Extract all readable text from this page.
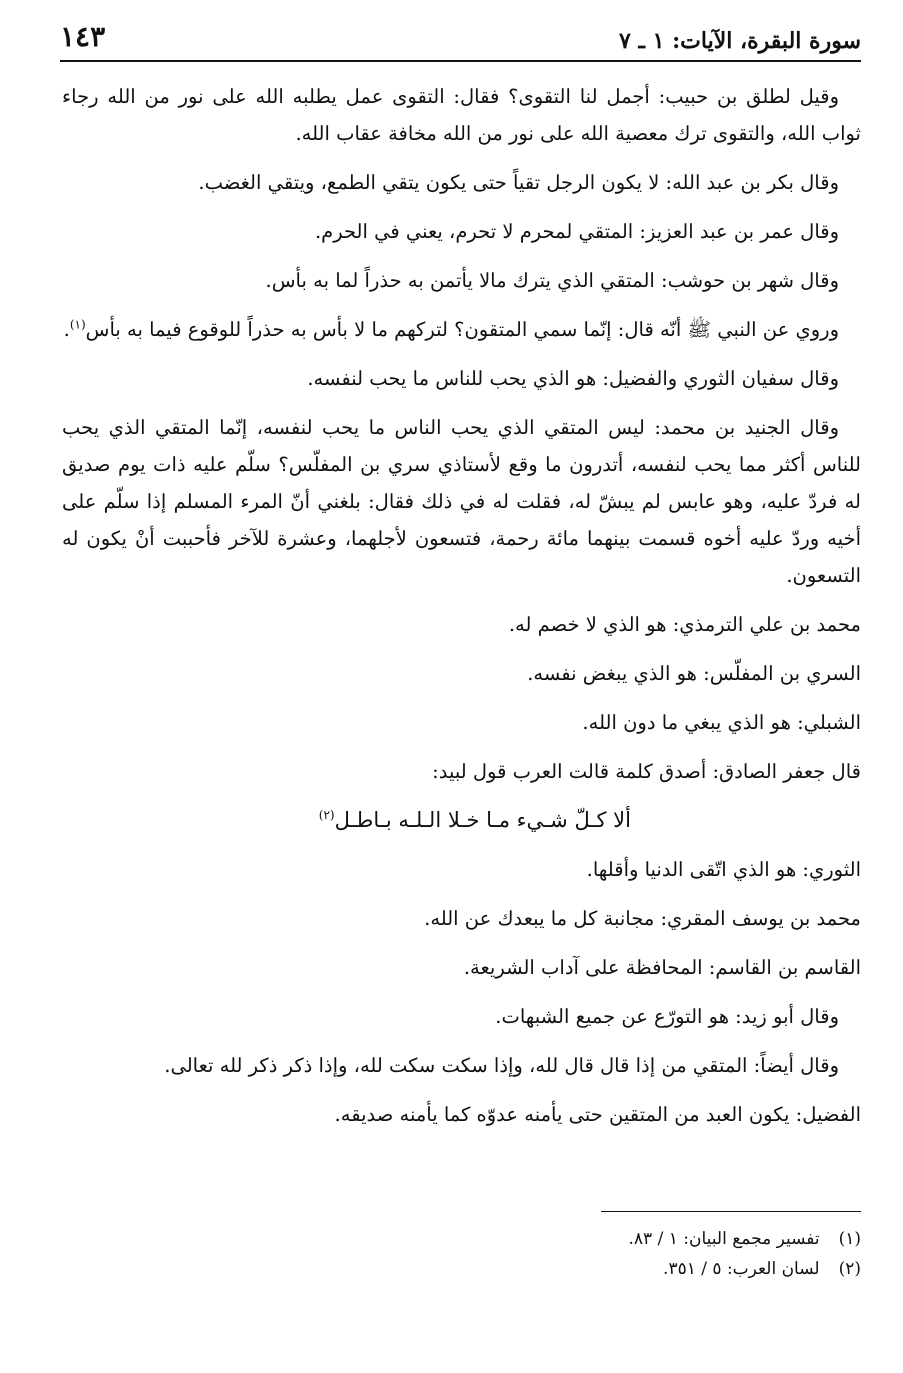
سورة البقرة، الآيات: ١ ـ ٧
١٤٣

وقيل لطلق بن حبيب: أجمل لنا التقوى؟ فقال: التقوى عمل يطلبه الله على نور من الله رجاء ثواب الله، والتقوى ترك معصية الله على نور من الله مخافة عقاب الله.

وقال بكر بن عبد الله: لا يكون الرجل تقياً حتى يكون يتقي الطمع، ويتقي الغضب.

وقال عمر بن عبد العزيز: المتقي لمحرم لا تحرم، يعني في الحرم.

وقال شهر بن حوشب: المتقي الذي يترك مالا يأتمن به حذراً لما به بأس.

وروي عن النبي ﷺ أنّه قال: إنّما سمي المتقون؟ لتركهم ما لا بأس به حذراً للوقوع فيما به بأس$^{(١)}$.

وقال سفيان الثوري والفضيل: هو الذي يحب للناس ما يحب لنفسه.

وقال الجنيد بن محمد: ليس المتقي الذي يحب الناس ما يحب لنفسه، إنّما المتقي الذي يحب للناس أكثر مما يحب لنفسه، أتدرون ما وقع لأستاذي سري بن المفلّس؟ سلّم عليه ذات يوم صديق له فردّ عليه، وهو عابس لم يبشّ له، فقلت له في ذلك فقال: بلغني أنّ المرء المسلم إذا سلّم على أخيه وردّ عليه أخوه قسمت بينهما مائة رحمة، فتسعون لأجلهما، وعشرة للآخر فأحببت أنْ يكون له التسعون.

محمد بن علي الترمذي: هو الذي لا خصم له.

السري بن المفلّس: هو الذي يبغض نفسه.

الشبلي: هو الذي يبغي ما دون الله.

قال جعفر الصادق: أصدق كلمة قالت العرب قول لبيد:

ألا كـلّ شـيء مـا خـلا الـلـه بـاطـل$^{(٢)}$

الثوري: هو الذي اتّقى الدنيا وأقلها.

محمد بن يوسف المقري: مجانبة كل ما يبعدك عن الله.

القاسم بن القاسم: المحافظة على آداب الشريعة.

وقال أبو زيد: هو التورّع عن جميع الشبهات.

وقال أيضاً: المتقي من إذا قال قال لله، وإذا سكت سكت لله، وإذا ذكر ذكر لله تعالى.

الفضيل: يكون العبد من المتقين حتى يأمنه عدوّه كما يأمنه صديقه.

(١) تفسير مجمع البيان: ١ / ٨٣.
(٢) لسان العرب: ٥ / ٣٥١.
